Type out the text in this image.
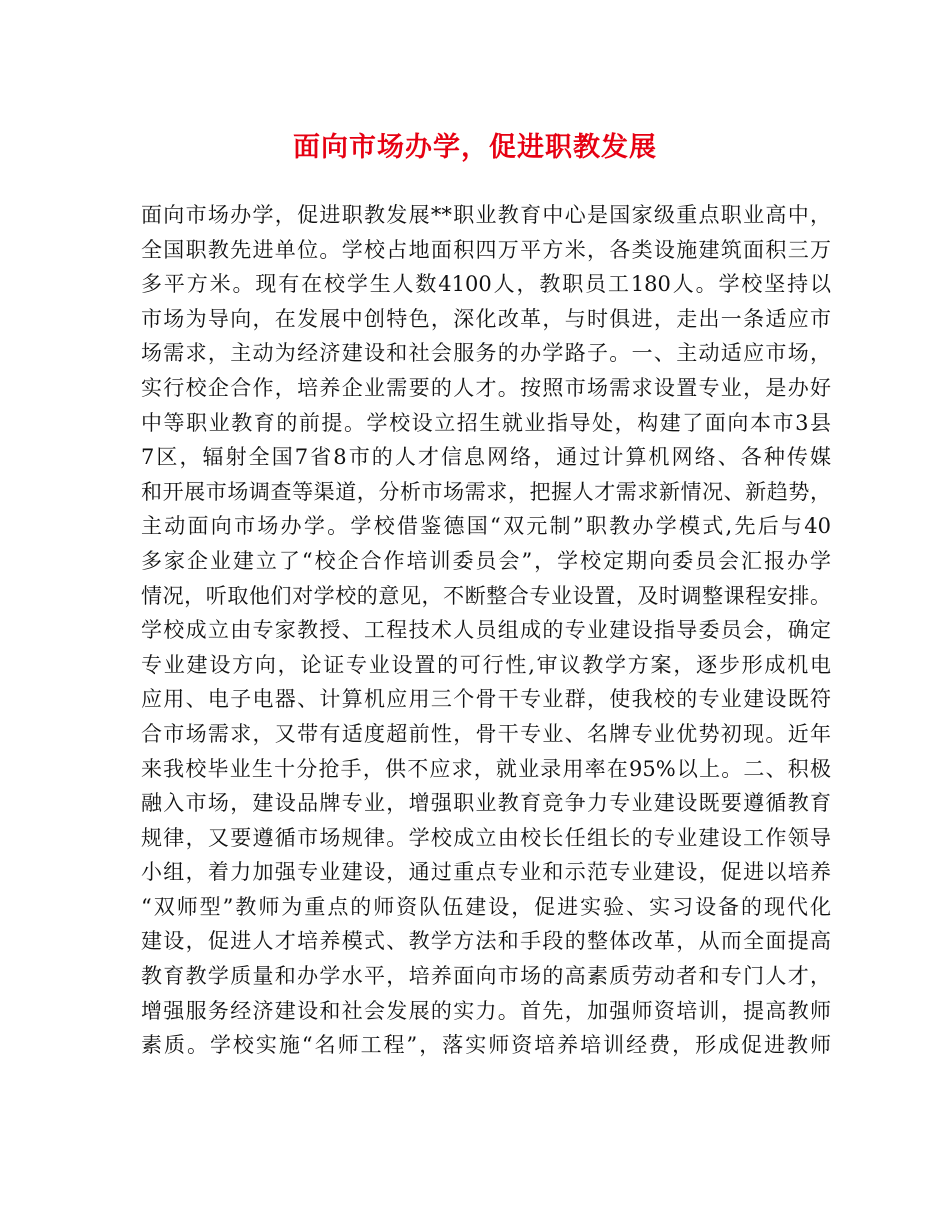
面向市场办学，促进职教发展
面向市场办学，促进职教发展**职业教育中心是国家级重点职业高中，
全国职教先进单位。学校占地面积四万平方米，各类设施建筑面积三万
多平方米。现有在校学生人数4100人，教职员工180人。学校坚持以
市场为导向，在发展中创特色，深化改革，与时俱进，走出一条适应市
场需求，主动为经济建设和社会服务的办学路子。一、主动适应市场，
实行校企合作，培养企业需要的人才。按照市场需求设置专业，是办好
中等职业教育的前提。学校设立招生就业指导处，构建了面向本市3县
7区，辐射全国7省8市的人才信息网络，通过计算机网络、各种传媒
和开展市场调查等渠道，分析市场需求，把握人才需求新情况、新趋势，
主动面向市场办学。学校借鉴德国“双元制”职教办学模式,先后与40
多家企业建立了“校企合作培训委员会”，学校定期向委员会汇报办学
情况，听取他们对学校的意见，不断整合专业设置，及时调整课程安排。
学校成立由专家教授、工程技术人员组成的专业建设指导委员会，确定
专业建设方向，论证专业设置的可行性,审议教学方案，逐步形成机电
应用、电子电器、计算机应用三个骨干专业群，使我校的专业建设既符
合市场需求，又带有适度超前性，骨干专业、名牌专业优势初现。近年
来我校毕业生十分抢手，供不应求，就业录用率在95%以上。二、积极
融入市场，建设品牌专业，增强职业教育竞争力专业建设既要遵循教育
规律，又要遵循市场规律。学校成立由校长任组长的专业建设工作领导
小组，着力加强专业建设，通过重点专业和示范专业建设，促进以培养
“双师型”教师为重点的师资队伍建设，促进实验、实习设备的现代化
建设，促进人才培养模式、教学方法和手段的整体改革，从而全面提高
教育教学质量和办学水平，培养面向市场的高素质劳动者和专门人才，
增强服务经济建设和社会发展的实力。首先，加强师资培训，提高教师
素质。学校实施“名师工程”，落实师资培养培训经费，形成促进教师
